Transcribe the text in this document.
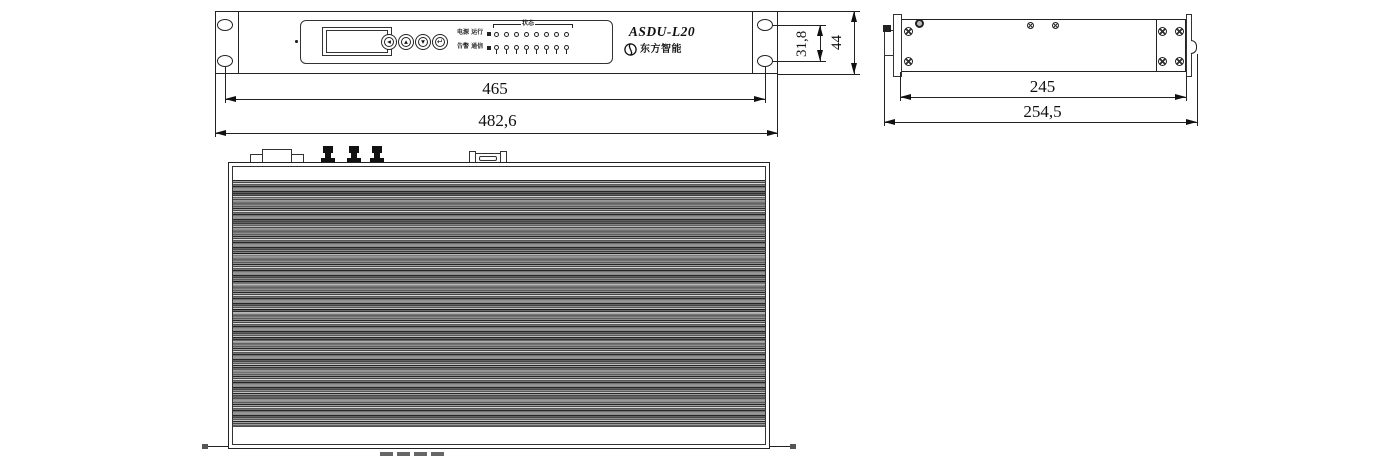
◂ ▴ ▾ ↵
电源 运行
告警 通信
状态
ASDU-L20
东方智能
465
482,6
31,8 44
245
254,5
